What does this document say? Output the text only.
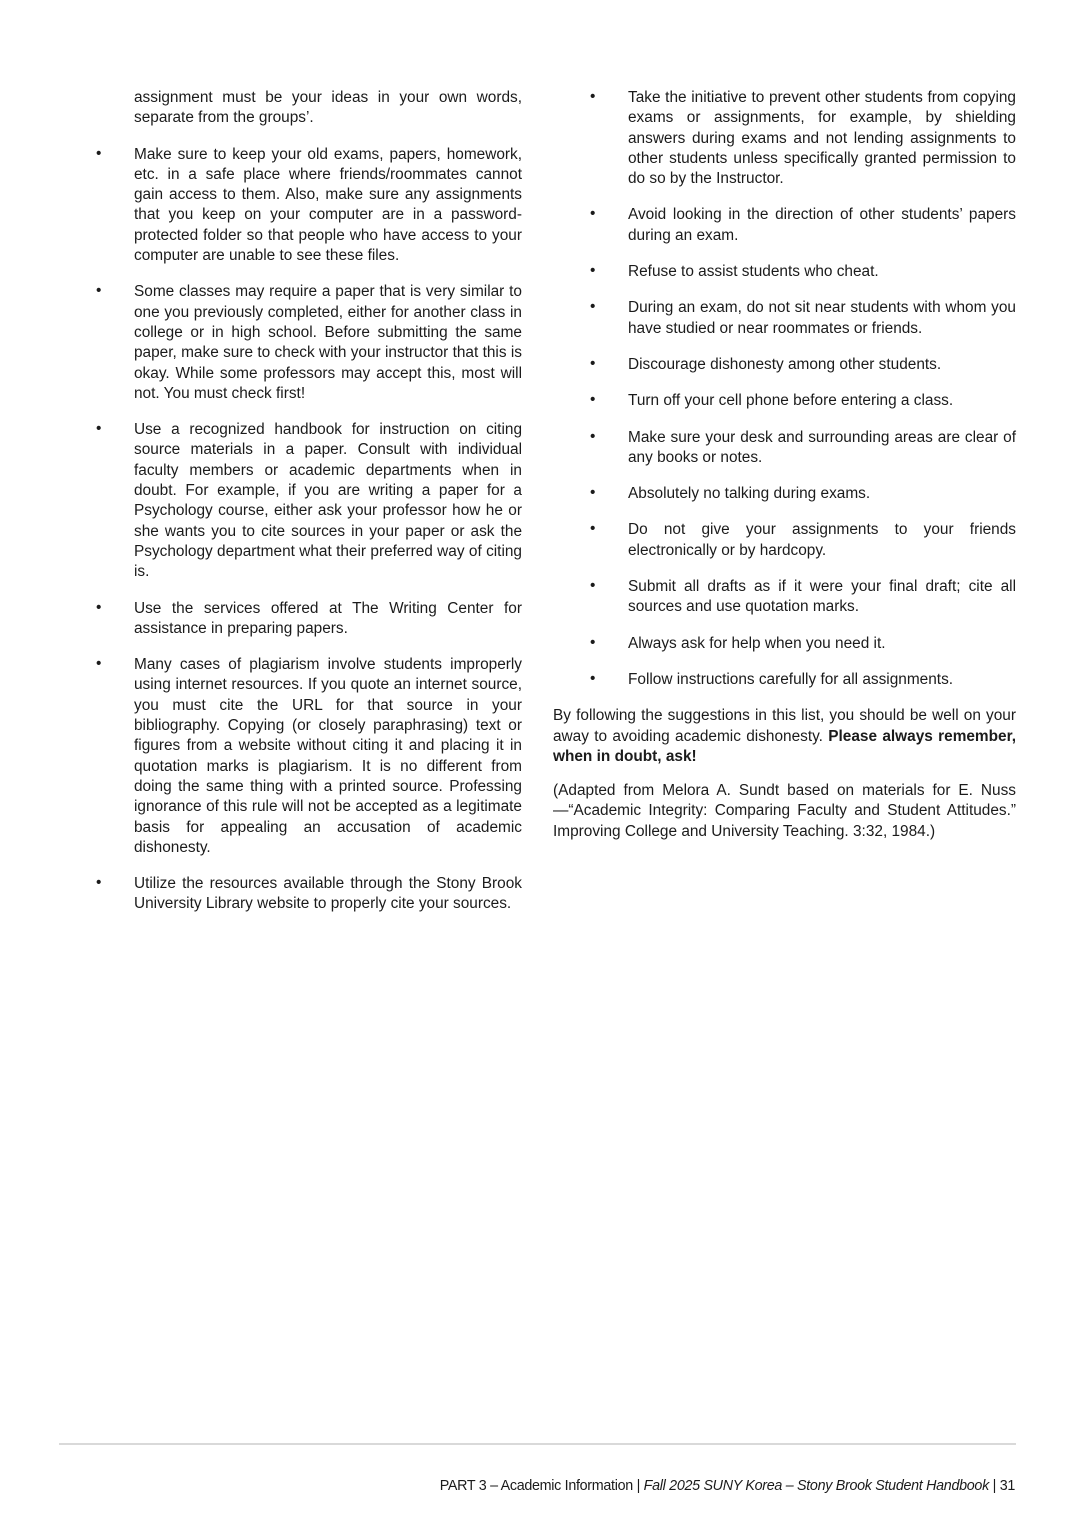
assignment must be your ideas in your own words, separate from the groups’.

• Make sure to keep your old exams, papers, homework, etc. in a safe place where friends/roommates cannot gain access to them. Also, make sure any assignments that you keep on your computer are in a password-protected folder so that people who have access to your computer are unable to see these files.
• Some classes may require a paper that is very similar to one you previously completed, either for another class in college or in high school. Before submitting the same paper, make sure to check with your instructor that this is okay. While some professors may accept this, most will not. You must check first!
• Use a recognized handbook for instruction on citing source materials in a paper. Consult with individual faculty members or academic departments when in doubt. For example, if you are writing a paper for a Psychology course, either ask your professor how he or she wants you to cite sources in your paper or ask the Psychology department what their preferred way of citing is.
• Use the services offered at The Writing Center for assistance in preparing papers.
• Many cases of plagiarism involve students improperly using internet resources. If you quote an internet source, you must cite the URL for that source in your bibliography. Copying (or closely paraphrasing) text or figures from a website without citing it and placing it in quotation marks is plagiarism. It is no different from doing the same thing with a printed source. Professing ignorance of this rule will not be accepted as a legitimate basis for appealing an accusation of academic dishonesty.
• Utilize the resources available through the Stony Brook University Library website to properly cite your sources.
• Take the initiative to prevent other students from copying exams or assignments, for example, by shielding answers during exams and not lending assignments to other students unless specifically granted permission to do so by the Instructor.
• Avoid looking in the direction of other students’ papers during an exam.
• Refuse to assist students who cheat.
• During an exam, do not sit near students with whom you have studied or near roommates or friends.
• Discourage dishonesty among other students.
• Turn off your cell phone before entering a class.
• Make sure your desk and surrounding areas are clear of any books or notes.
• Absolutely no talking during exams.
• Do not give your assignments to your friends electronically or by hardcopy.
• Submit all drafts as if it were your final draft; cite all sources and use quotation marks.
• Always ask for help when you need it.
• Follow instructions carefully for all assignments.

By following the suggestions in this list, you should be well on your away to avoiding academic dishonesty. Please always remember, when in doubt, ask!

(Adapted from Melora A. Sundt based on materials for E. Nuss—“Academic Integrity: Comparing Faculty and Student Attitudes.” Improving College and University Teaching. 3:32, 1984.)

PART 3 – Academic Information | Fall 2025 SUNY Korea – Stony Brook Student Handbook | 31
